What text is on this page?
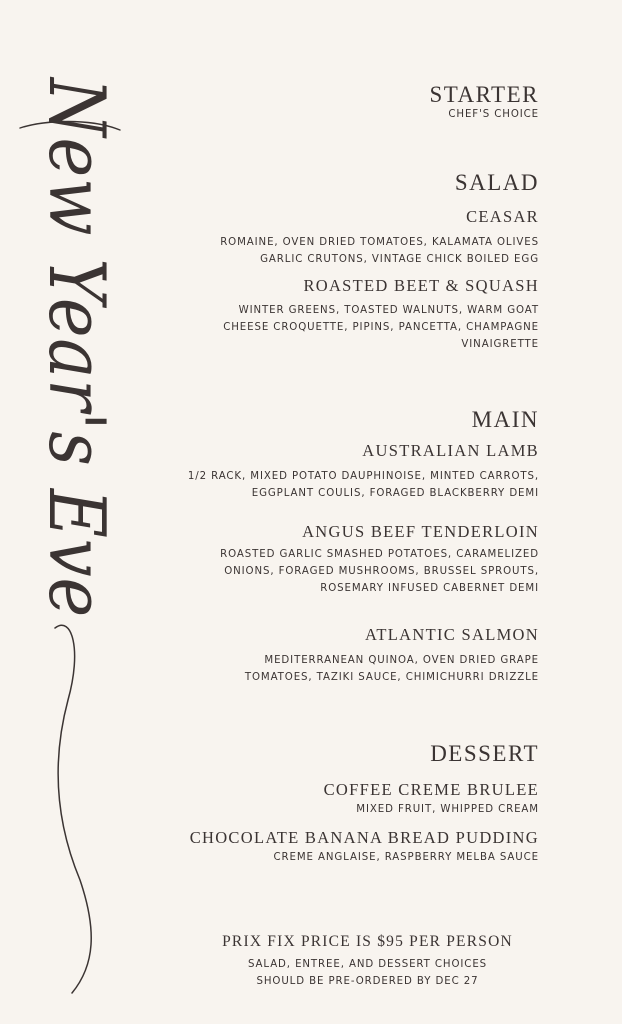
New Year's Eve	STARTER
CHEF'S CHOICE
SALAD
CEASAR
ROMAINE, OVEN DRIED TOMATOES, KALAMATA OLIVES
GARLIC CRUTONS, VINTAGE CHICK BOILED EGG
ROASTED BEET & SQUASH
WINTER GREENS, TOASTED WALNUTS, WARM GOAT
CHEESE CROQUETTE, PIPINS, PANCETTA, CHAMPAGNE
VINAIGRETTE
MAIN
AUSTRALIAN LAMB
1/2 RACK, MIXED POTATO DAUPHINOISE, MINTED CARROTS,
EGGPLANT COULIS, FORAGED BLACKBERRY DEMI
ANGUS BEEF TENDERLOIN
ROASTED GARLIC SMASHED POTATOES, CARAMELIZED
ONIONS, FORAGED MUSHROOMS, BRUSSEL SPROUTS,
ROSEMARY INFUSED CABERNET DEMI
ATLANTIC SALMON
MEDITERRANEAN QUINOA, OVEN DRIED GRAPE
TOMATOES, TAZIKI SAUCE, CHIMICHURRI DRIZZLE
DESSERT
COFFEE CREME BRULEE
MIXED FRUIT, WHIPPED CREAM
CHOCOLATE BANANA BREAD PUDDING
CREME ANGLAISE, RASPBERRY MELBA SAUCE
PRIX FIX PRICE IS $95 PER PERSON
SALAD, ENTREE, AND DESSERT CHOICES
SHOULD BE PRE-ORDERED BY DEC 27
